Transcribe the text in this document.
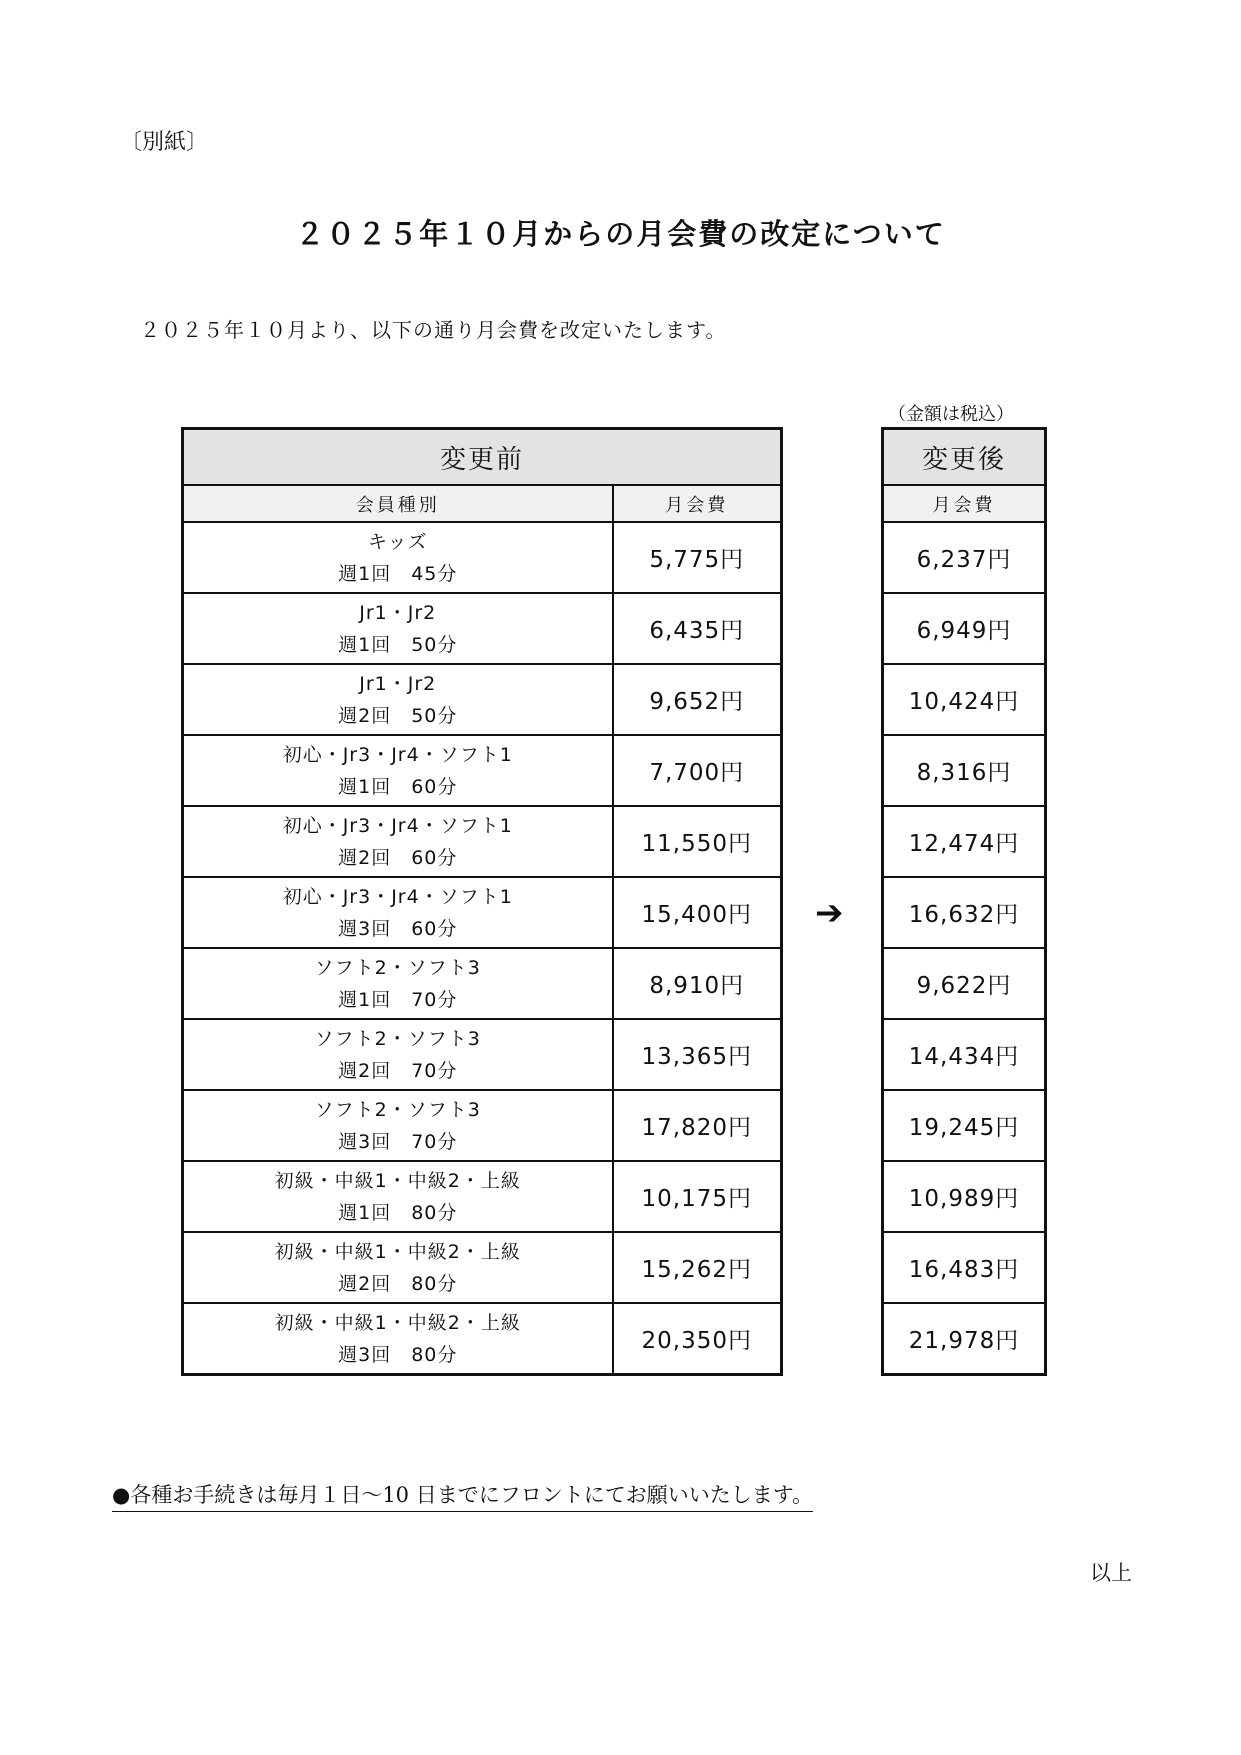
〔別紙〕
２０２５年１０月からの月会費の改定について
２０２５年１０月より、以下の通り月会費を改定いたします。
（金額は税込）
変更前	
会員種別	月会費

キッズ
週1回　45分	5,775円

Jr1・Jr2
週1回　50分	6,435円

Jr1・Jr2
週2回　50分	9,652円

初心・Jr3・Jr4・ソフト1
週1回　60分	7,700円

初心・Jr3・Jr4・ソフト1
週2回　60分	11,550円

初心・Jr3・Jr4・ソフト1
週3回　60分	15,400円

ソフト2・ソフト3
週1回　70分	8,910円

ソフト2・ソフト3
週2回　70分	13,365円

ソフト2・ソフト3
週3回　70分	17,820円

初級・中級1・中級2・上級
週1回　80分	10,175円

初級・中級1・中級2・上級
週2回　80分	15,262円

初級・中級1・中級2・上級
週3回　80分	20,350円
➔
変更後
月会費
6,237円
6,949円
10,424円
8,316円
12,474円
16,632円
9,622円
14,434円
19,245円
10,989円
16,483円
21,978円
●各種お手続きは毎月１日～10 日までにフロントにてお願いいたします。
以上
